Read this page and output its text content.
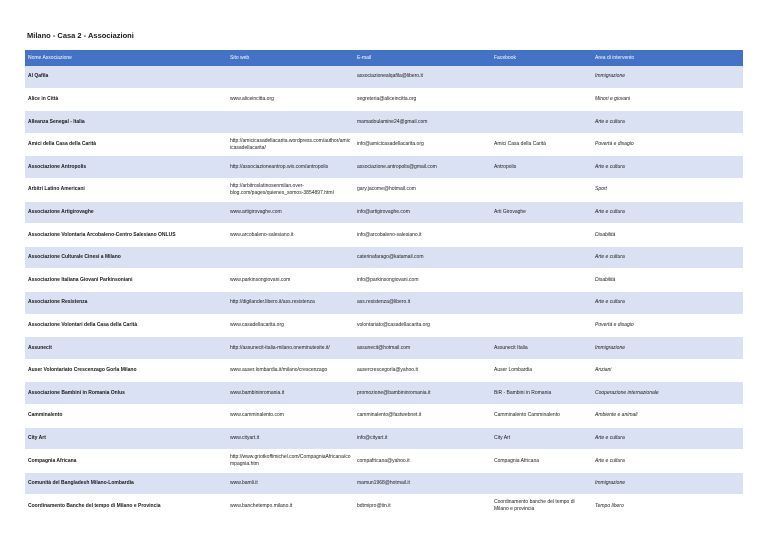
Milano - Casa 2 - Associazioni
Nome Associazione	Sito web	E-mail	Facebook	Area di intervento
Al Qafila		associazionealqafila@libero.it		Immigrazione
Alice in Città	www.aliceincitta.org	segreteria@aliceincitta.org		Minori e giovani
Alleanza Senegal - Italia		mamadoulamine24@gmail.com		Arte e cultura
Amici della Casa della Carità	http://amicicasadellacarita.wordpress.com/author/amicicasadellacarita/	info@amicicasadellacarita.org	Amici Casa della Carità	Povertà e disagio
Associazione Antropolis	http://associazioneantrop.wix.com/antropolis	associazione.antropolis@gmail.com	Antropolis	Arte e cultura
Arbitri Latino Americani	http://arbitroslatinosenmilan.over-blog.com/pages/quienes_somos-3854897.html	gary.jacome@hotmail.com		Sport
Associazione Artigirovaghe	www.artigirovaghe.com	info@artigirovaghe.com	Arti Girovaghe	Arte e cultura
Associazione Volontaria Arcobaleno-Centro Salesiano ONLUS	www.arcobaleno-salesiano.it	info@arcobaleno-salesiano.it		Disabilità
Associazione Culturale Cinesi a Milano		caterinafarago@katamail.com		Arte e cultura
Associazione Italiana Giovani Parkinsoniani	www.parkinsongiovani.com	info@parkinsongiovani.com		Disabilità
Associazione Resistenza	http://digilander.libero.it/ass.resistenza	ass.resistenza@libero.it		Arte e cultura
Associazione Volontari della Casa della Carità	www.casadellacarita.org	volontariato@casadellacarita.org		Povertà e disagio
Assunecit	http://assunecit-italia-milano.oneminutesite.it/	assunecit@hotmail.com	Assunecit Italia	Immigrazione
Auser Volontariato Crescenzago Gorla Milano	www.auser.lombardia.it/milano/crescenzago	ausercrescegorla@yahoo.it	Auser Lombardia	Anziani
Associazione Bambini in Romania Onlus	www.bambininromania.it	promozione@bambininromania.it	BiR - Bambini in Romania	Cooperazione internazionale
Camminalento	www.camminalento.com	camminalento@fastwebnet.it	Camminalento Camminalento	Ambiente e animali
City Art	www.cityart.it	info@cityart.it	City Art	Arte e cultura
Compagnia Africana	http://www.griotkoffimichel.com/CompagniaAfricana/compagnia.htm	compafricana@yahoo.it	Compagnia Africana	Arte e cultura
Comunità del Bangladesh Milano-Lombardia	www.bamli.it	mamun1968@hotmail.it		Immigrazione
Coordinamento Banche del tempo di Milano e Provincia	www.banchetempo.milano.it	bdtmipro@tin.it	Coordinamento banche del tempo di Milano e provincia	Tempo libero
